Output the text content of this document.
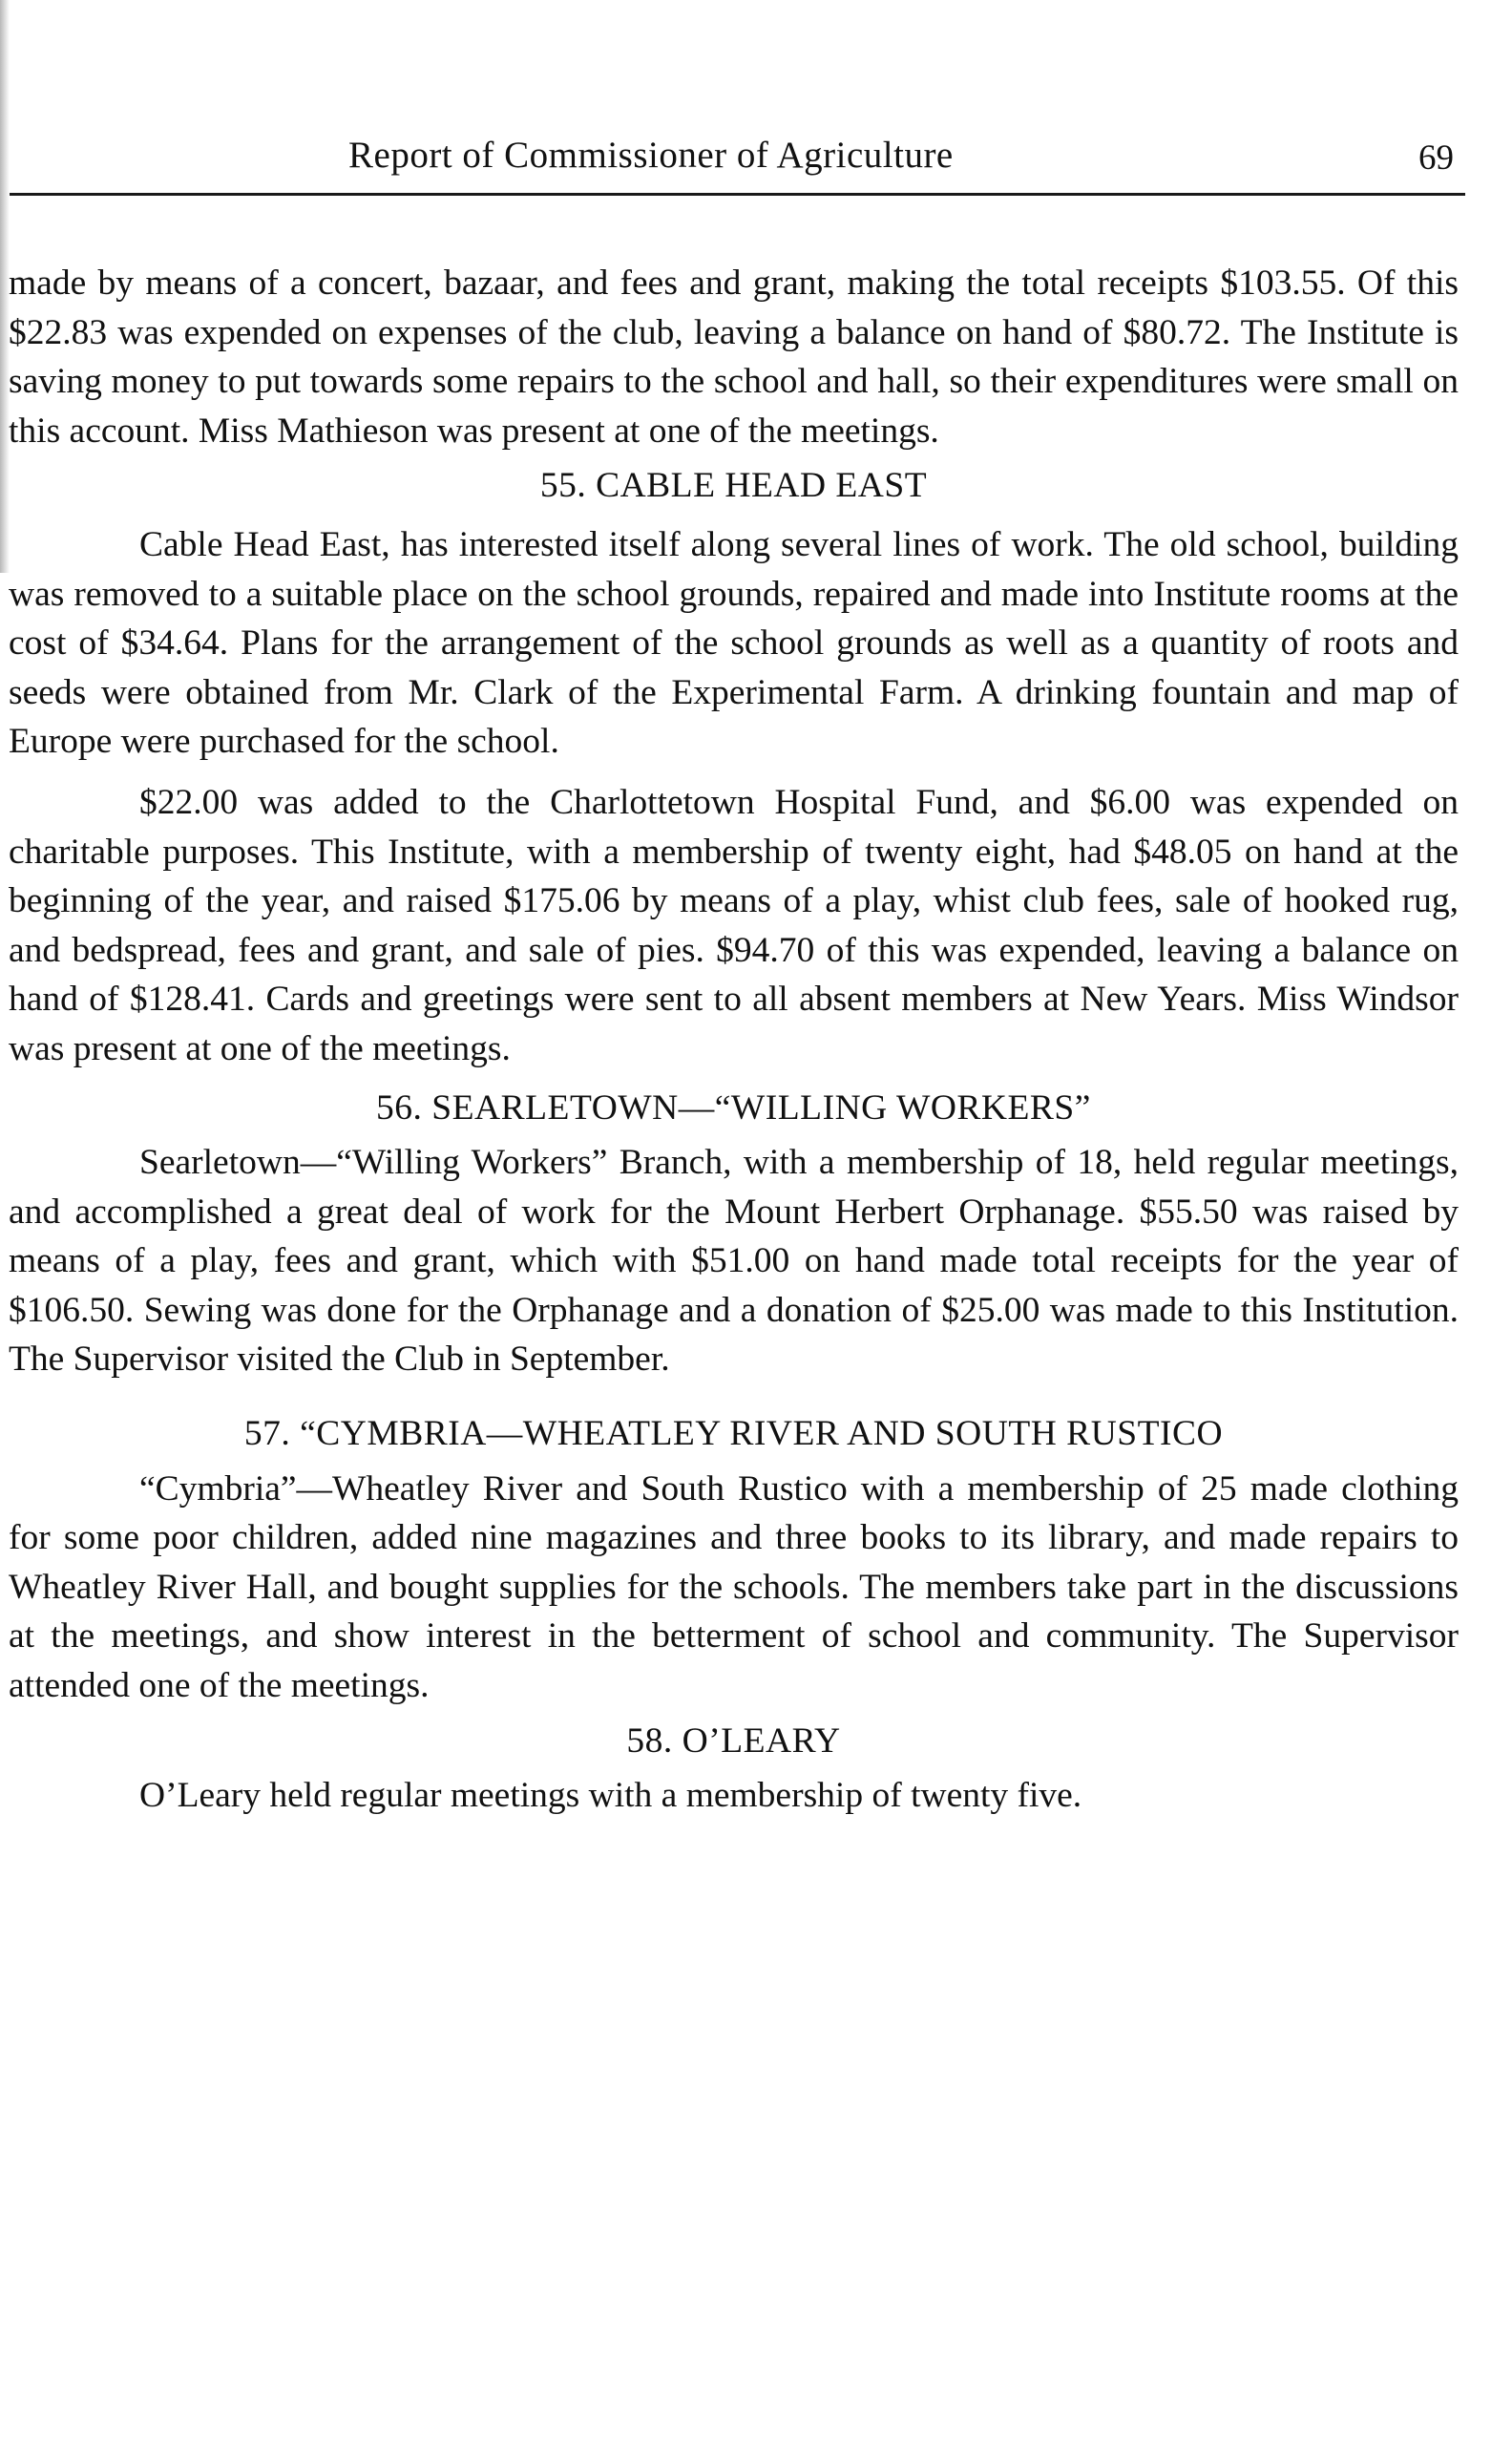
Report of Commissioner of Agriculture	69

made by means of a concert, bazaar, and fees and grant, making the total receipts $103.55. Of this $22.83 was expended on expenses of the club, leaving a balance on hand of $80.72. The Institute is saving money to put towards some repairs to the school and hall, so their expenditures were small on this account. Miss Mathieson was present at one of the meetings.

55. CABLE HEAD EAST

Cable Head East, has interested itself along several lines of work. The old school, building was removed to a suitable place on the school grounds, repaired and made into Institute rooms at the cost of $34.64. Plans for the arrangement of the school grounds as well as a quantity of roots and seeds were obtained from Mr. Clark of the Experimental Farm. A drinking fountain and map of Europe were purchased for the school.

$22.00 was added to the Charlottetown Hospital Fund, and $6.00 was expended on charitable purposes. This Institute, with a membership of twenty eight, had $48.05 on hand at the beginning of the year, and raised $175.06 by means of a play, whist club fees, sale of hooked rug, and bedspread, fees and grant, and sale of pies. $94.70 of this was expended, leaving a balance on hand of $128.41. Cards and greetings were sent to all absent members at New Years. Miss Windsor was present at one of the meetings.

56. SEARLETOWN—“WILLING WORKERS”

Searletown—“Willing Workers” Branch, with a membership of 18, held regular meetings, and accomplished a great deal of work for the Mount Herbert Orphanage. $55.50 was raised by means of a play, fees and grant, which with $51.00 on hand made total receipts for the year of $106.50. Sewing was done for the Orphanage and a donation of $25.00 was made to this Institution. The Supervisor visited the Club in September.

57. “CYMBRIA—WHEATLEY RIVER AND SOUTH RUSTICO

“Cymbria”—Wheatley River and South Rustico with a membership of 25 made clothing for some poor children, added nine magazines and three books to its library, and made repairs to Wheatley River Hall, and bought supplies for the schools. The members take part in the discussions at the meetings, and show interest in the betterment of school and community. The Supervisor attended one of the meetings.

58. O’LEARY

O’Leary held regular meetings with a membership of twenty five.
